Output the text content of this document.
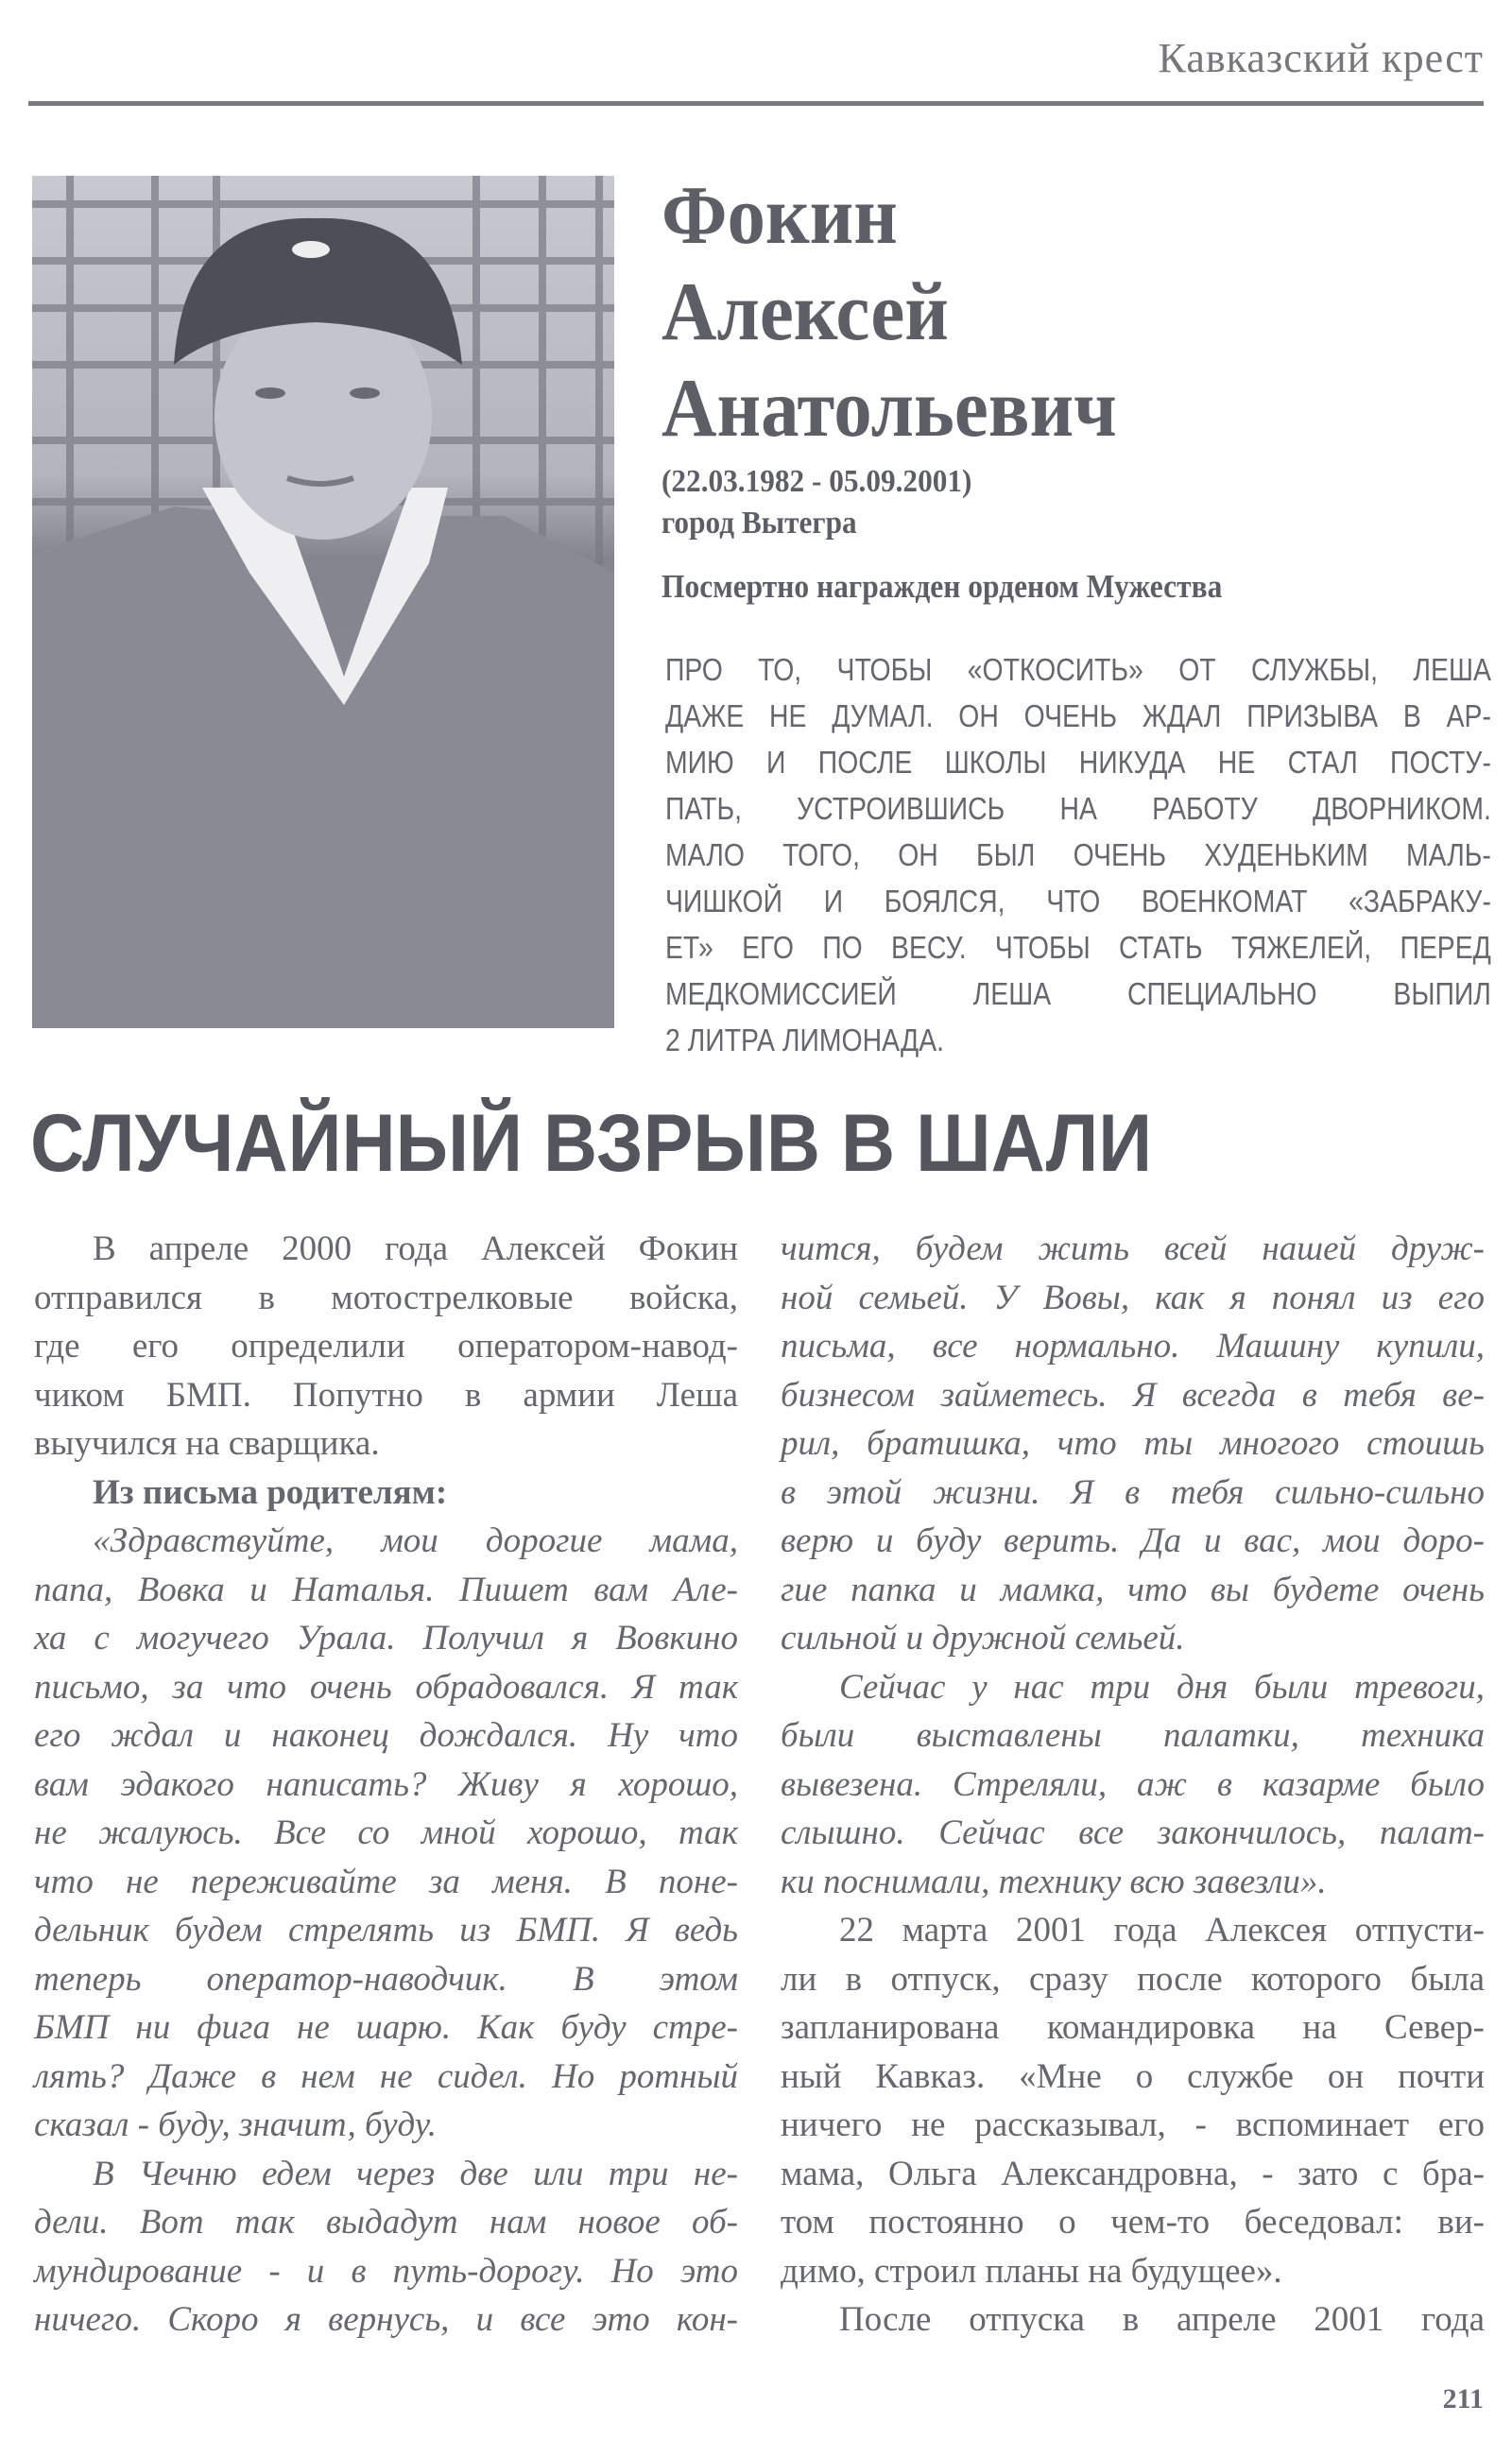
Кавказский крест
Фокин
Алексей
Анатольевич
(22.03.1982 - 05.09.2001)
город Вытегра
Посмертно награжден орденом Мужества
ПРО ТО, ЧТОБЫ «ОТКОСИТЬ» ОТ СЛУЖБЫ, ЛЕША
ДАЖЕ НЕ ДУМАЛ. ОН ОЧЕНЬ ЖДАЛ ПРИЗЫВА В АР-
МИЮ И ПОСЛЕ ШКОЛЫ НИКУДА НЕ СТАЛ ПОСТУ-
ПАТЬ, УСТРОИВШИСЬ НА РАБОТУ ДВОРНИКОМ.
МАЛО ТОГО, ОН БЫЛ ОЧЕНЬ ХУДЕНЬКИМ МАЛЬ-
ЧИШКОЙ И БОЯЛСЯ, ЧТО ВОЕНКОМАТ «ЗАБРАКУ-
ЕТ» ЕГО ПО ВЕСУ. ЧТОБЫ СТАТЬ ТЯЖЕЛЕЙ, ПЕРЕД
МЕДКОМИССИЕЙ ЛЕША СПЕЦИАЛЬНО ВЫПИЛ
2 ЛИТРА ЛИМОНАДА.
СЛУЧАЙНЫЙ ВЗРЫВ В ШАЛИ
В апреле 2000 года Алексей Фокин
отправился в мотострелковые войска,
где его определили оператором-навод-
чиком БМП. Попутно в армии Леша
выучился на сварщика.
Из письма родителям:
«Здравствуйте, мои дорогие мама,
папа, Вовка и Наталья. Пишет вам Але-
ха с могучего Урала. Получил я Вовкино
письмо, за что очень обрадовался. Я так
его ждал и наконец дождался. Ну что
вам эдакого написать? Живу я хорошо,
не жалуюсь. Все со мной хорошо, так
что не переживайте за меня. В поне-
дельник будем стрелять из БМП. Я ведь
теперь оператор-наводчик. В этом
БМП ни фига не шарю. Как буду стре-
лять? Даже в нем не сидел. Но ротный
сказал - буду, значит, буду.
В Чечню едем через две или три не-
дели. Вот так выдадут нам новое об-
мундирование - и в путь-дорогу. Но это
ничего. Скоро я вернусь, и все это кон-
чится, будем жить всей нашей друж-
ной семьей. У Вовы, как я понял из его
письма, все нормально. Машину купили,
бизнесом займетесь. Я всегда в тебя ве-
рил, братишка, что ты многого стоишь
в этой жизни. Я в тебя сильно-сильно
верю и буду верить. Да и вас, мои доро-
гие папка и мамка, что вы будете очень
сильной и дружной семьей.
Сейчас у нас три дня были тревоги,
были выставлены палатки, техника
вывезена. Стреляли, аж в казарме было
слышно. Сейчас все закончилось, палат-
ки поснимали, технику всю завезли».
22 марта 2001 года Алексея отпусти-
ли в отпуск, сразу после которого была
запланирована командировка на Север-
ный Кавказ. «Мне о службе он почти
ничего не рассказывал, - вспоминает его
мама, Ольга Александровна, - зато с бра-
том постоянно о чем-то беседовал: ви-
димо, строил планы на будущее».
После отпуска в апреле 2001 года
211
